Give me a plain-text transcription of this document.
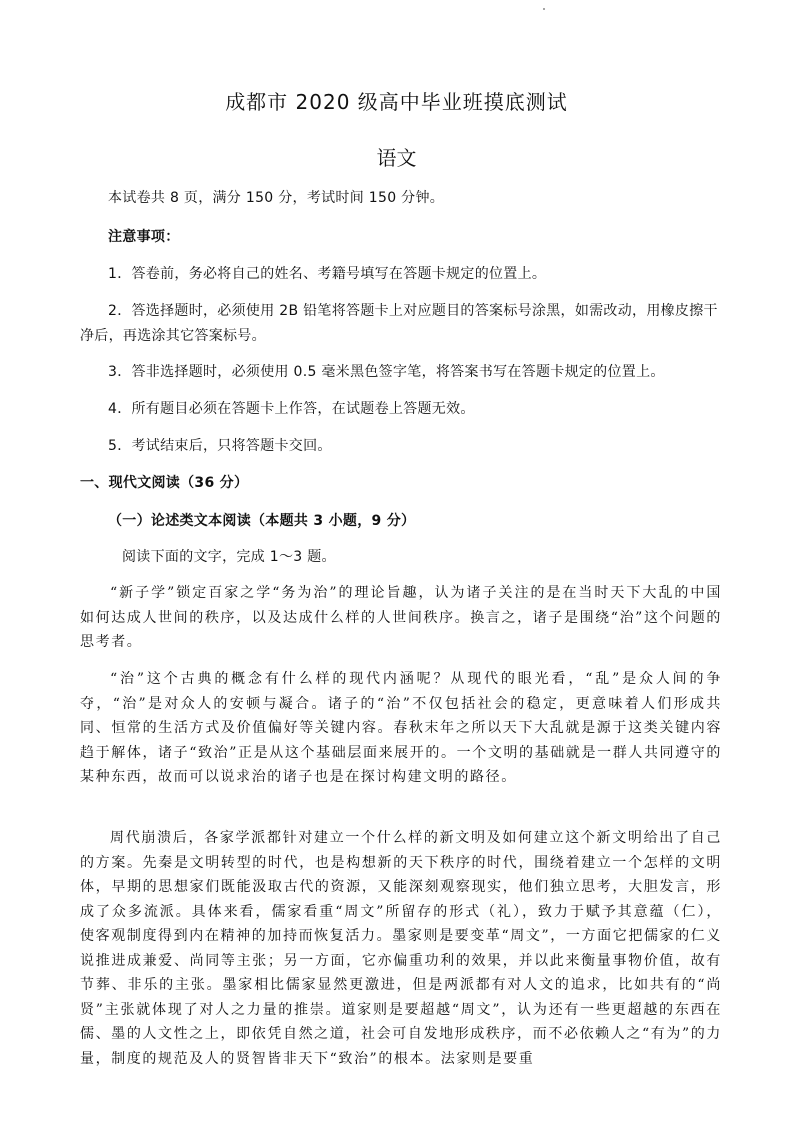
成都市 2020 级高中毕业班摸底测试
语文
本试卷共 8 页，满分 150 分，考试时间 150 分钟。
注意事项：
1．答卷前，务必将自己的姓名、考籍号填写在答题卡规定的位置上。
2．答选择题时，必须使用 2B 铅笔将答题卡上对应题目的答案标号涂黑，如需改动，用橡皮擦干净后，再选涂其它答案标号。
3．答非选择题时，必须使用 0.5 毫米黑色签字笔，将答案书写在答题卡规定的位置上。
4．所有题目必须在答题卡上作答，在试题卷上答题无效。
5．考试结束后，只将答题卡交回。
一、现代文阅读（36 分）
（一）论述类文本阅读（本题共 3 小题，9 分）
阅读下面的文字，完成 1～3 题。
“新子学”锁定百家之学“务为治”的理论旨趣，认为诸子关注的是在当时天下大乱的中国如何达成人世间的秩序，以及达成什么样的人世间秩序。换言之，诸子是围绕“治”这个问题的思考者。
“治”这个古典的概念有什么样的现代内涵呢？从现代的眼光看，“乱”是众人间的争夺，“治”是对众人的安顿与凝合。诸子的“治”不仅包括社会的稳定，更意味着人们形成共同、恒常的生活方式及价值偏好等关键内容。春秋末年之所以天下大乱就是源于这类关键内容趋于解体，诸子“致治”正是从这个基础层面来展开的。一个文明的基础就是一群人共同遵守的某种东西，故而可以说求治的诸子也是在探讨构建文明的路径。
周代崩溃后，各家学派都针对建立一个什么样的新文明及如何建立这个新文明给出了自己的方案。先秦是文明转型的时代，也是构想新的天下秩序的时代，围绕着建立一个怎样的文明体，早期的思想家们既能汲取古代的资源，又能深刻观察现实，他们独立思考，大胆发言，形成了众多流派。具体来看，儒家看重“周文”所留存的形式（礼），致力于赋予其意蕴（仁），使客观制度得到内在精神的加持而恢复活力。墨家则是要变革“周文”，一方面它把儒家的仁义说推进成兼爱、尚同等主张；另一方面，它亦偏重功利的效果，并以此来衡量事物价值，故有节葬、非乐的主张。墨家相比儒家显然更激进，但是两派都有对人文的追求，比如共有的“尚贤”主张就体现了对人之力量的推崇。道家则是要超越“周文”，认为还有一些更超越的东西在儒、墨的人文性之上，即依凭自然之道，社会可自发地形成秩序，而不必依赖人之“有为”的力量，制度的规范及人的贤智皆非天下“致治”的根本。法家则是要重
